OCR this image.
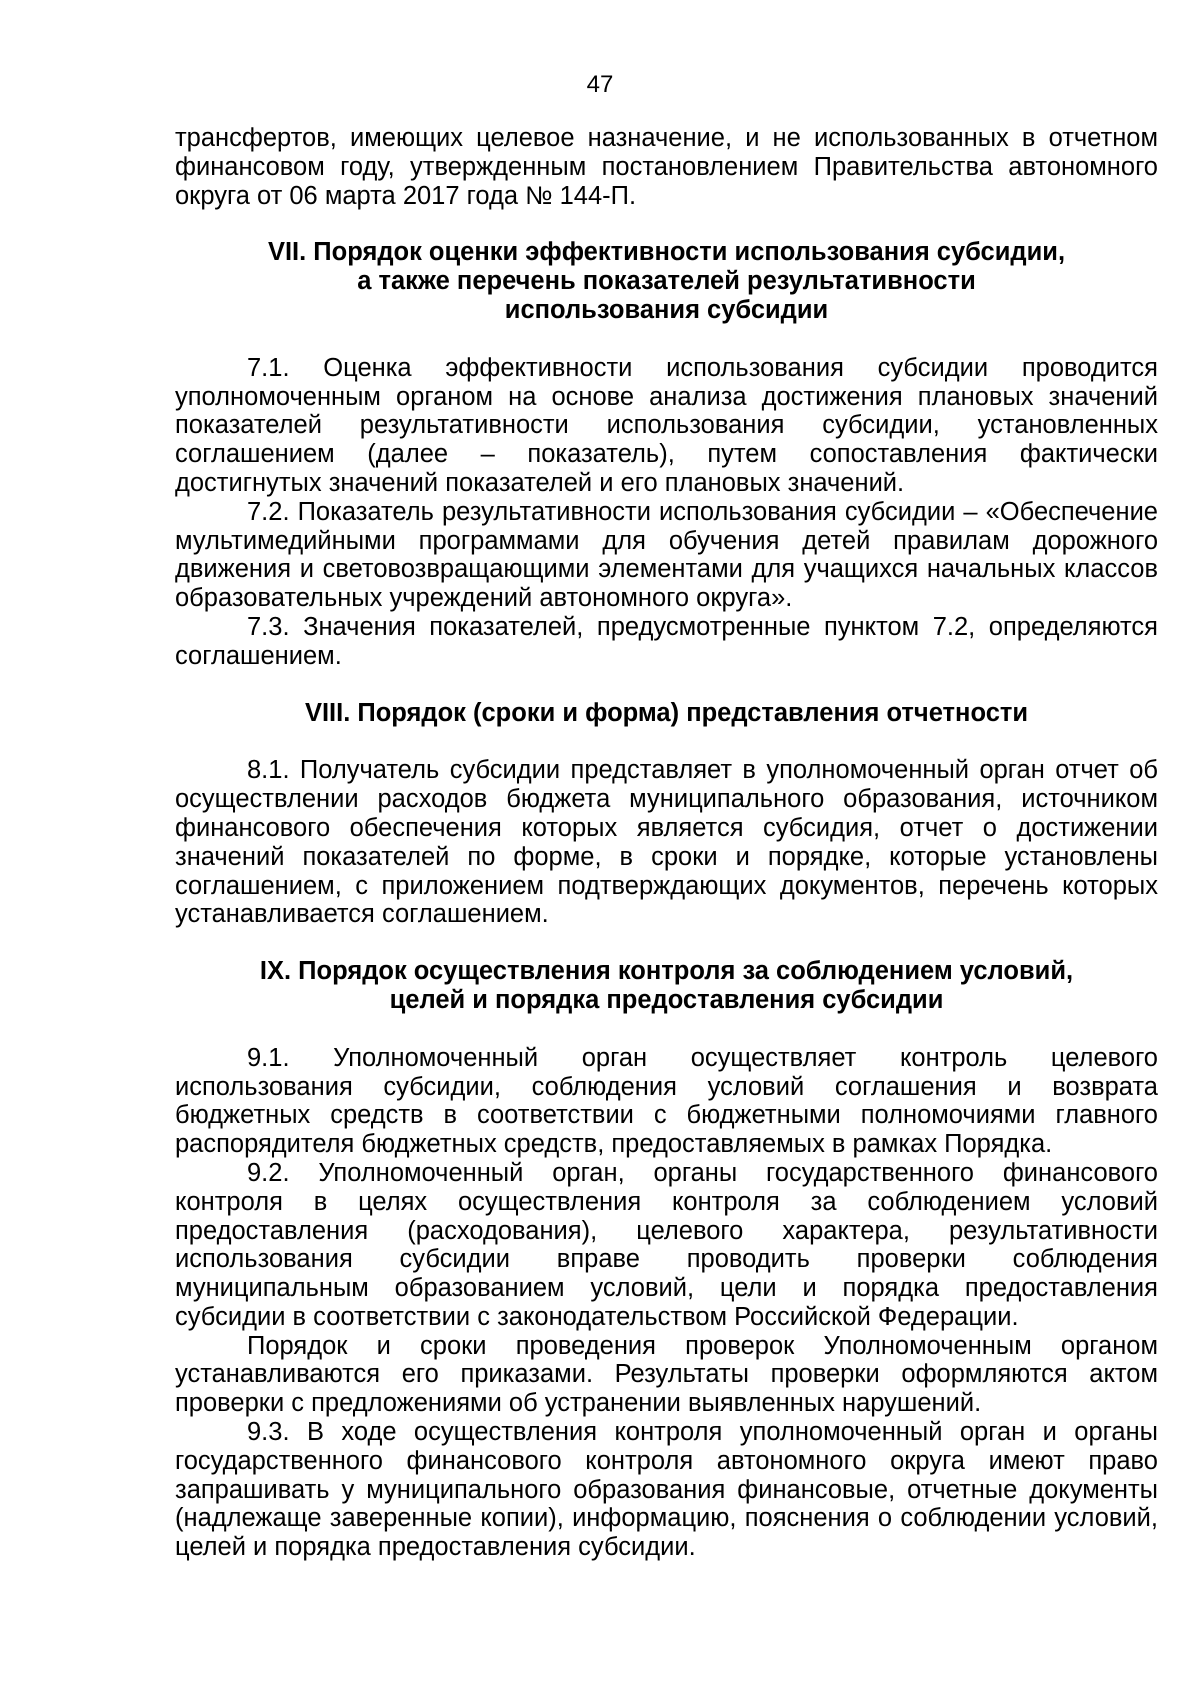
47

трансфертов, имеющих целевое назначение, и не использованных в отчетном финансовом году, утвержденным постановлением Правительства автономного округа от 06 марта 2017 года № 144-П.

VII. Порядок оценки эффективности использования субсидии,
а также перечень показателей результативности
использования субсидии

7.1. Оценка эффективности использования субсидии проводится уполномоченным органом на основе анализа достижения плановых значений показателей результативности использования субсидии, установленных соглашением (далее – показатель), путем сопоставления фактически достигнутых значений показателей и его плановых значений.

7.2. Показатель результативности использования субсидии – «Обеспечение мультимедийными программами для обучения детей правилам дорожного движения и световозвращающими элементами для учащихся начальных классов образовательных учреждений автономного округа».

7.3. Значения показателей, предусмотренные пунктом 7.2, определяются соглашением.

VIII. Порядок (сроки и форма) представления отчетности

8.1. Получатель субсидии представляет в уполномоченный орган отчет об осуществлении расходов бюджета муниципального образования, источником финансового обеспечения которых является субсидия, отчет о достижении значений показателей по форме, в сроки и порядке, которые установлены соглашением, с приложением подтверждающих документов, перечень которых устанавливается соглашением.

IX. Порядок осуществления контроля за соблюдением условий,
целей и порядка предоставления субсидии

9.1. Уполномоченный орган осуществляет контроль целевого использования субсидии, соблюдения условий соглашения и возврата бюджетных средств в соответствии с бюджетными полномочиями главного распорядителя бюджетных средств, предоставляемых в рамках Порядка.

9.2. Уполномоченный орган, органы государственного финансового контроля в целях осуществления контроля за соблюдением условий предоставления (расходования), целевого характера, результативности использования субсидии вправе проводить проверки соблюдения муниципальным образованием условий, цели и порядка предоставления субсидии в соответствии с законодательством Российской Федерации.

Порядок и сроки проведения проверок Уполномоченным органом устанавливаются его приказами. Результаты проверки оформляются актом проверки с предложениями об устранении выявленных нарушений.

9.3. В ходе осуществления контроля уполномоченный орган и органы государственного финансового контроля автономного округа имеют право запрашивать у муниципального образования финансовые, отчетные документы (надлежаще заверенные копии), информацию, пояснения о соблюдении условий, целей и порядка предоставления субсидии.
